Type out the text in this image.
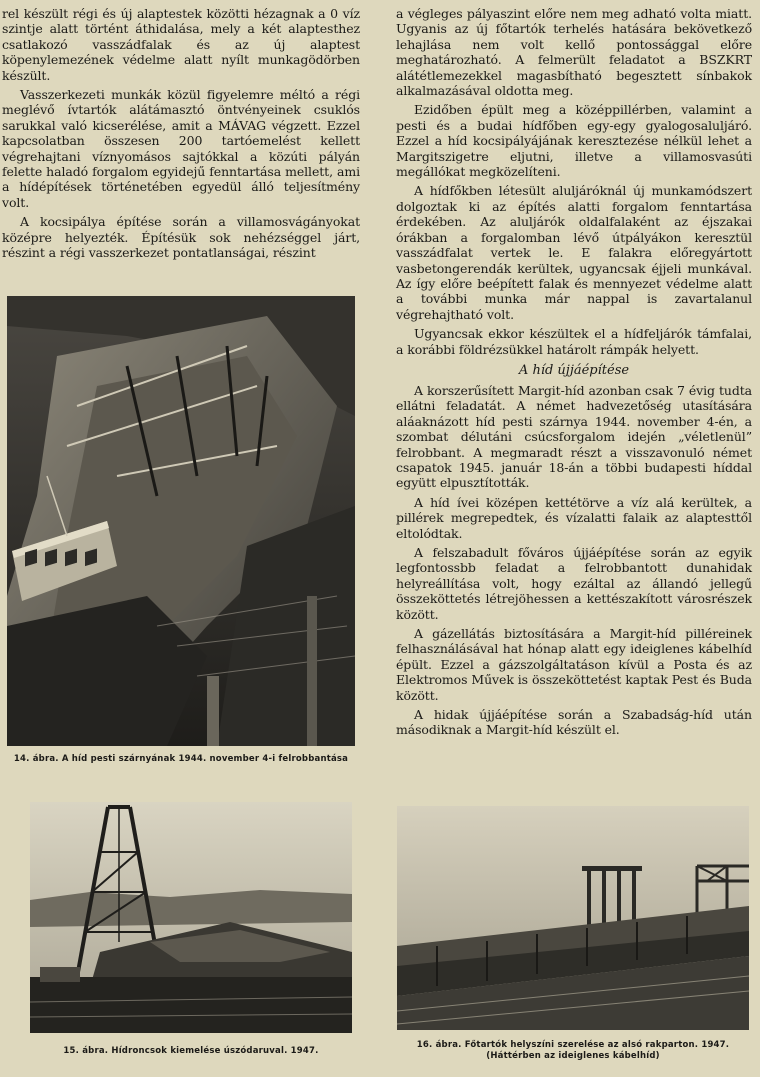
rel készült régi és új alaptestek közötti hézagnak a 0 víz szintje alatt történt áthidalása, mely a két alaptesthez csatlakozó vasszádfalak és az új alaptest köpenylemezének védelme alatt nyílt munkagödörben készült.

Vasszerkezeti munkák közül figyelemre méltó a régi meglévő ívtartók alátámasztó öntvényeinek csuklós sarukkal való kicserélése, amit a MÁVAG végzett. Ezzel kapcsolatban összesen 200 tartóemelést kellett végrehajtani víznyomásos sajtókkal a közúti pályán felette haladó forgalom egyidejű fenntartása mellett, ami a hídépítések történetében egyedül álló teljesítmény volt.

A kocsipálya építése során a villamosvágányokat középre helyezték. Építésük sok nehézséggel járt, részint a régi vasszerkezet pontatlanságai, részint

14. ábra. A híd pesti szárnyának 1944. november 4-i felrobbantása
15. ábra. Hídroncsok kiemelése úszódaruval. 1947.

a végleges pályaszint előre nem meg adható volta miatt. Ugyanis az új főtartók terhelés hatására bekövetkező lehajlása nem volt kellő pontossággal előre meghatározható. A felmerült feladatot a BSZKRT alátétlemezekkel magasbítható begesztett sínbakok alkalmazásával oldotta meg.

Ezidőben épült meg a középpillérben, valamint a pesti és a budai hídfőben egy-egy gyalogosaluljáró. Ezzel a híd kocsipályájának keresztezése nélkül lehet a Margitszigetre eljutni, illetve a villamosvasúti megállókat megközelíteni.

A hídfőkben létesült aluljáróknál új munkamódszert dolgoztak ki az építés alatti forgalom fenntartása érdekében. Az aluljárók oldalfalaként az éjszakai órákban a forgalomban lévő útpályákon keresztül vasszádfalat vertek le. E falakra előregyártott vasbetongerendák kerültek, ugyancsak éjjeli munkával. Az így előre beépített falak és mennyezet védelme alatt a további munka már nappal is zavartalanul végrehajtható volt.

Ugyancsak ekkor készültek el a hídfeljárók támfalai, a korábbi földrézsükkel határolt rámpák helyett.

A híd újjáépítése

A korszerűsített Margit-híd azonban csak 7 évig tudta ellátni feladatát. A német hadvezetőség utasítására aláaknázott híd pesti szárnya 1944. november 4-én, a szombat délutáni csúcsforgalom idején „véletlenül” felrobbant. A megmaradt részt a visszavonuló német csapatok 1945. január 18-án a többi budapesti híddal együtt elpusztították.

A híd ívei középen kettétörve a víz alá kerültek, a pillérek megrepedtek, és vízalatti falaik az alaptesttől eltolódtak.

A felszabadult főváros újjáépítése során az egyik legfontossbb feladat a felrobbantott dunahidak helyreállítása volt, hogy ezáltal az állandó jellegű összeköttetés létrejöhessen a kettészakított városrészek között.

A gázellátás biztosítására a Margit-híd pilléreinek felhasználásával hat hónap alatt egy ideiglenes kábelhíd épült. Ezzel a gázszolgáltatáson kívül a Posta és az Elektromos Művek is összeköttetést kaptak Pest és Buda között.

A hidak újjáépítése során a Szabadság-híd után másodiknak a Margit-híd készült el.

16. ábra. Főtartók helyszíni szerelése az alsó rakparton. 1947.
(Háttérben az ideiglenes kábelhíd)
